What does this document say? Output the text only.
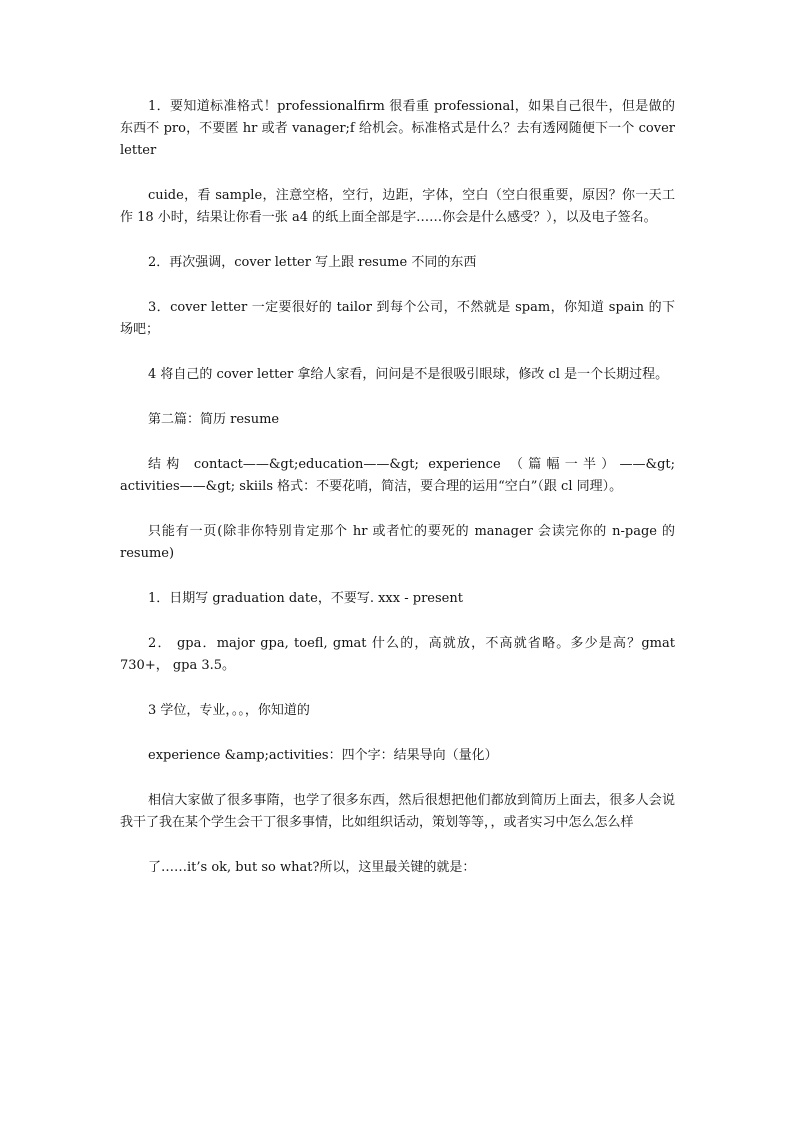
1．要知道标准格式！professionalfirm 很看重 professional，如果自己很牛，但是做的东西不 pro，不要匿 hr 或者 vanager;f 给机会。标准格式是什么？去有透网随便下一个 cover letter

cuide，看 sample，注意空格，空行，边距，字体，空白（空白很重要，原因？你一天工作 18 小时，结果让你看一张 a4 的纸上面全部是字……你会是什么感受？），以及电子签名。

2．再次强调，cover letter 写上跟 resume 不同的东西

3．cover letter 一定要很好的 tailor 到每个公司，不然就是 spam，你知道 spain 的下场吧；

4 将自己的 cover letter 拿给人家看，问问是不是很吸引眼球，修改 cl 是一个长期过程。

第二篇：简历 resume

结构 contact——&gt;education——&gt; experience （篇幅一半）——&gt; activities——&gt; skiils 格式：不要花哨，简洁，要合理的运用“空白”（跟 cl 同理）。

只能有一页(除非你特别肯定那个 hr 或者忙的要死的 manager 会读完你的 n-page 的resume)

1．日期写 graduation date，不要写. xxx - present

2． gpa．major gpa, toefl, gmat 什么的，高就放，不高就省略。多少是高？gmat 730+， gpa 3.5。

3 学位，专业，。。，你知道的

experience &amp;activities：四个字：结果导向（量化）

相信大家做了很多事隋，也学了很多东西，然后很想把他们都放到简历上面去，很多人会说我干了我在某个学生会干丁很多事情，比如组织话动，策划等等，，或者实习中怎么怎么样

了……it’s ok, but so what?所以，这里最关键的就是：
